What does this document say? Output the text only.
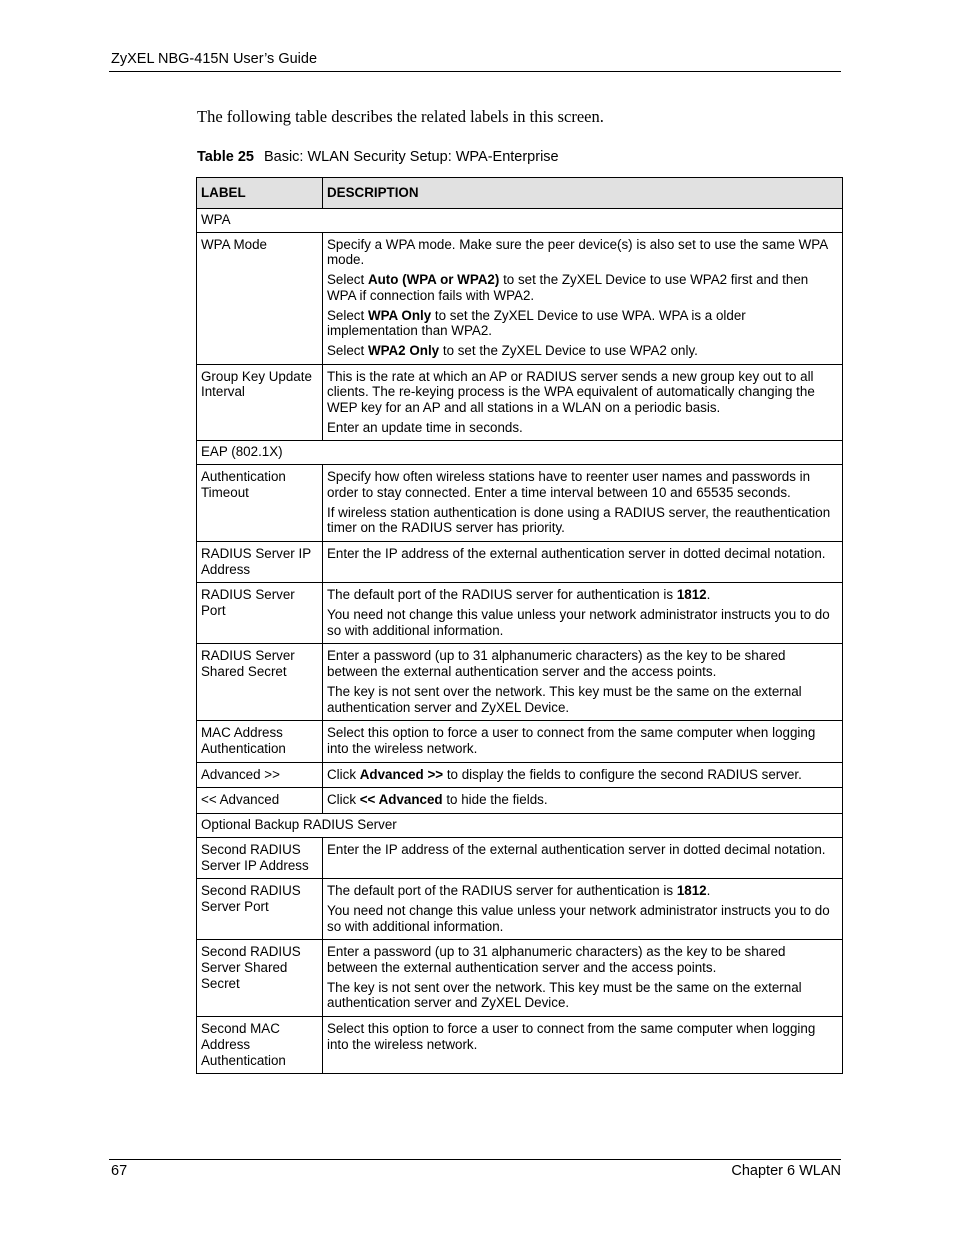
ZyXEL NBG-415N User’s Guide
The following table describes the related labels in this screen.
Table 25 Basic: WLAN Security Setup: WPA-Enterprise
LABEL	DESCRIPTION
WPA	
WPA Mode	Specify a WPA mode. Make sure the peer device(s) is also set to use the same WPA mode.

Select Auto (WPA or WPA2) to set the ZyXEL Device to use WPA2 first and then WPA if connection fails with WPA2.

Select WPA Only to set the ZyXEL Device to use WPA. WPA is a older implementation than WPA2.

Select WPA2 Only to set the ZyXEL Device to use WPA2 only.

Group Key Update Interval	This is the rate at which an AP or RADIUS server sends a new group key out to all clients. The re-keying process is the WPA equivalent of automatically changing the WEP key for an AP and all stations in a WLAN on a periodic basis.

Enter an update time in seconds.

EAP (802.1X)	
Authentication Timeout	Specify how often wireless stations have to reenter user names and passwords in order to stay connected. Enter a time interval between 10 and 65535 seconds.

If wireless station authentication is done using a RADIUS server, the reauthentication timer on the RADIUS server has priority.

RADIUS Server IP Address	Enter the IP address of the external authentication server in dotted decimal notation.

RADIUS Server Port	The default port of the RADIUS server for authentication is 1812.

You need not change this value unless your network administrator instructs you to do so with additional information.

RADIUS Server Shared Secret	Enter a password (up to 31 alphanumeric characters) as the key to be shared between the external authentication server and the access points.

The key is not sent over the network. This key must be the same on the external authentication server and ZyXEL Device.

MAC Address Authentication	Select this option to force a user to connect from the same computer when logging into the wireless network.

Advanced >>	Click Advanced >> to display the fields to configure the second RADIUS server.

<< Advanced	Click << Advanced to hide the fields.

Optional Backup RADIUS Server	
Second RADIUS Server IP Address	Enter the IP address of the external authentication server in dotted decimal notation.

Second RADIUS Server Port	The default port of the RADIUS server for authentication is 1812.

You need not change this value unless your network administrator instructs you to do so with additional information.

Second RADIUS Server Shared Secret	Enter a password (up to 31 alphanumeric characters) as the key to be shared between the external authentication server and the access points.

The key is not sent over the network. This key must be the same on the external authentication server and ZyXEL Device.

Second MAC Address Authentication	Select this option to force a user to connect from the same computer when logging into the wireless network.

67	Chapter 6 WLAN
